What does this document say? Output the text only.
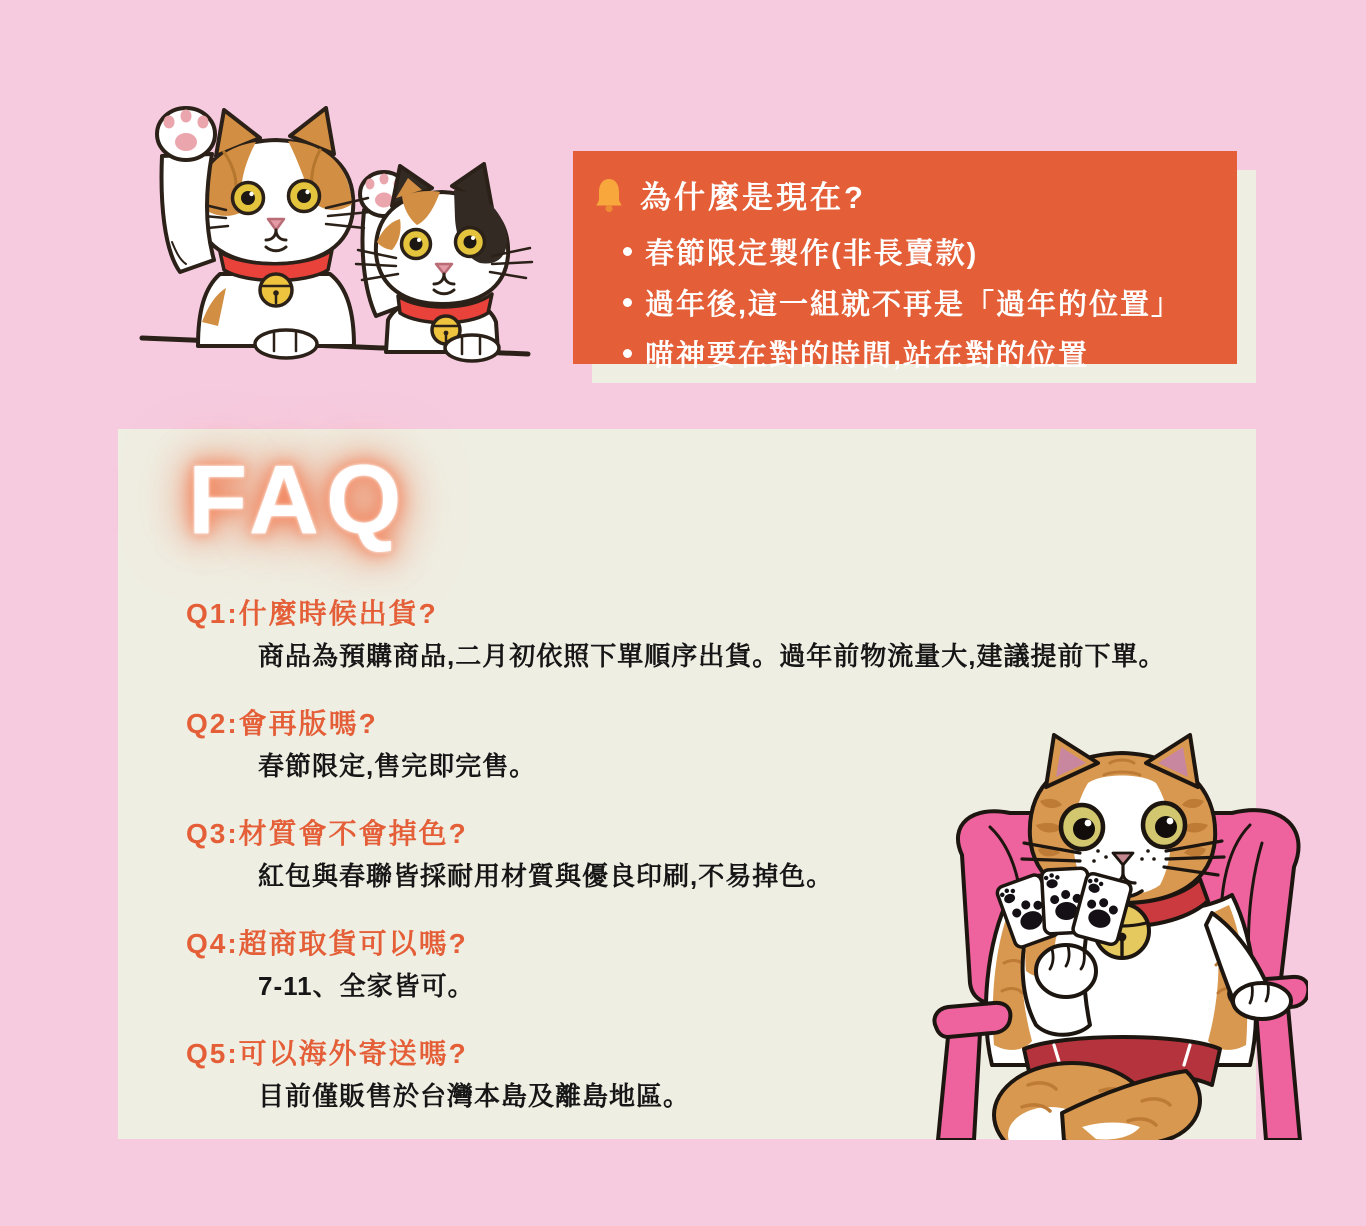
為什麼是現在?
春節限定製作(非長賣款)
過年後,這一組就不再是「過年的位置」
喵神要在對的時間,站在對的位置
FAQ
Q1:什麼時候出貨?
商品為預購商品,二月初依照下單順序出貨。過年前物流量大,建議提前下單。
Q2:會再版嗎?
春節限定,售完即完售。
Q3:材質會不會掉色?
紅包與春聯皆採耐用材質與優良印刷,不易掉色。
Q4:超商取貨可以嗎?
7-11、全家皆可。
Q5:可以海外寄送嗎?
目前僅販售於台灣本島及離島地區。
